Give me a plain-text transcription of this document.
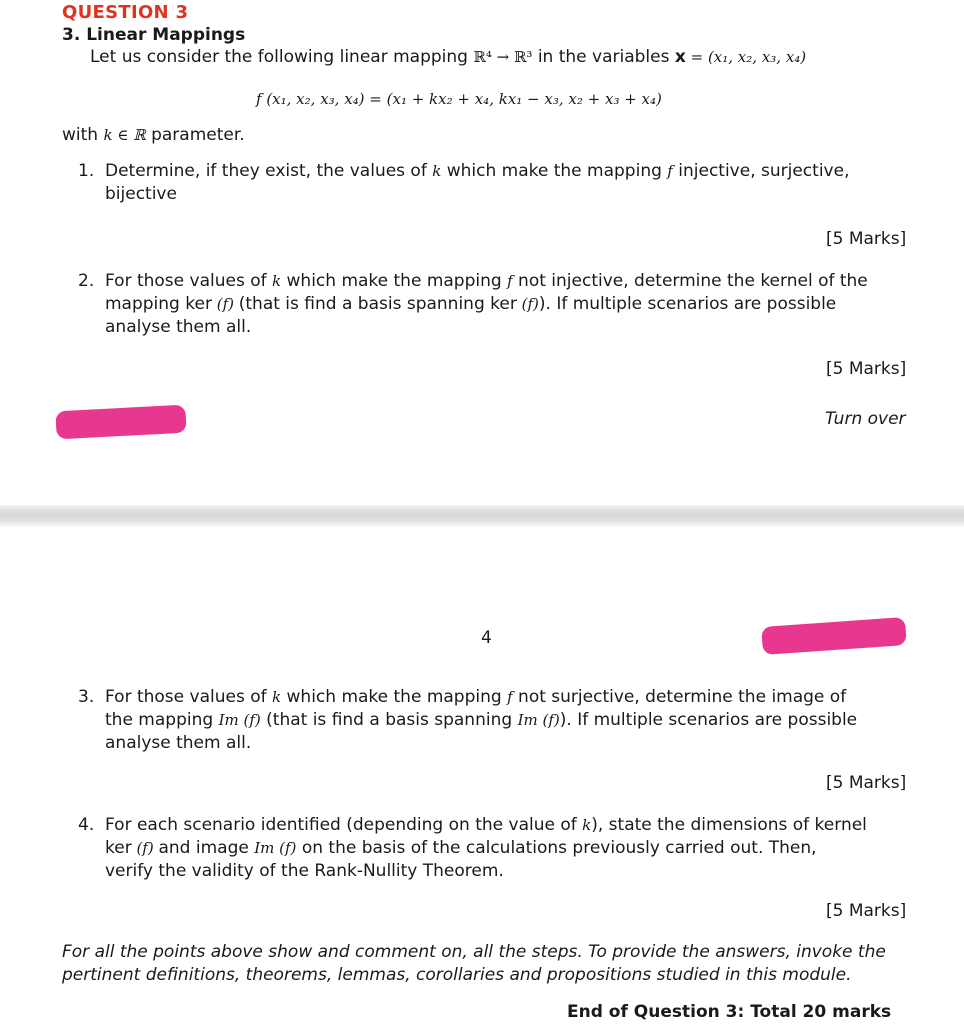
QUESTION 3
3. Linear Mappings
Let us consider the following linear mapping ℝ⁴ → ℝ³ in the variables x = (x₁, x₂, x₃, x₄)
f (x₁, x₂, x₃, x₄) = (x₁ + kx₂ + x₄, kx₁ − x₃, x₂ + x₃ + x₄)
with k ∈ ℝ parameter.
1. Determine, if they exist, the values of k which make the mapping f injective, surjective,
bijective
[5 Marks]
2. For those values of k which make the mapping f not injective, determine the kernel of the
mapping ker (f) (that is find a basis spanning ker (f)). If multiple scenarios are possible
analyse them all.
[5 Marks]
Turn over
4
3. For those values of k which make the mapping f not surjective, determine the image of
the mapping Im (f) (that is find a basis spanning Im (f)). If multiple scenarios are possible
analyse them all.
[5 Marks]
4. For each scenario identified (depending on the value of k), state the dimensions of kernel
ker (f) and image Im (f) on the basis of the calculations previously carried out. Then,
verify the validity of the Rank-Nullity Theorem.
[5 Marks]
For all the points above show and comment on, all the steps. To provide the answers, invoke the
pertinent definitions, theorems, lemmas, corollaries and propositions studied in this module.
End of Question 3: Total 20 marks
